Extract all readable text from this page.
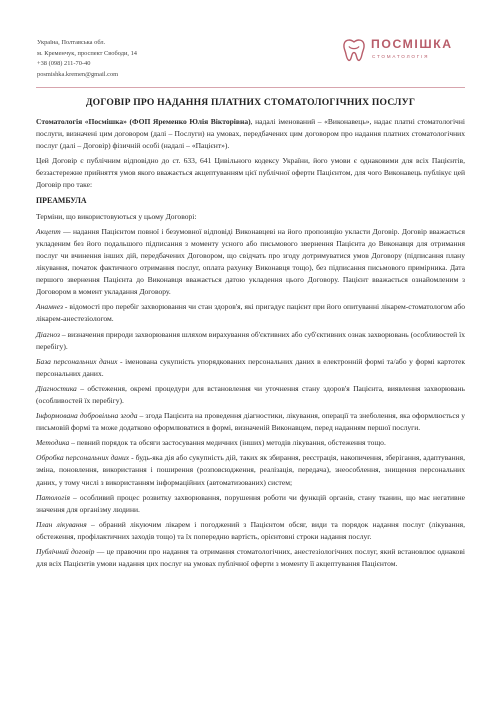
Україна, Полтавська обл.
м. Кременчук, проспект Свободи, 14
+38 (098) 211-70-40
posmishka.kremen@gmail.com
ПОСМІШКА
СТОМАТОЛОГІЯ
ДОГОВІР ПРО НАДАННЯ ПЛАТНИХ СТОМАТОЛОГІЧНИХ ПОСЛУГ

Стоматологія «Посмішка» (ФОП Яременко Юлія Вікторівна), надалі іменований – «Виконавець», надає платні стоматологічні послуги, визначені цим договором (далі – Послуги) на умовах, передбачених цим договором про надання платних стоматологічних послуг (далі – Договір) фізичній особі (надалі – «Пацієнт»).

Цей Договір є публічним відповідно до ст. 633, 641 Цивільного кодексу України, його умови є однаковими для всіх Пацієнтів, беззастережне прийняття умов якого вважається акцептуванням цієї публічної оферти Пацієнтом, для чого Виконавець публікує цей Договір про таке:

ПРЕАМБУЛА

Терміни, що використовуються у цьому Договорі:

Акцепт — надання Пацієнтом повної і безумовної відповіді Виконавцеві на його пропозицію укласти Договір. Договір вважається укладеним без його подальшого підписання з моменту усного або письмового звернення Пацієнта до Виконавця для отримання послуг чи вчинення інших дій, передбачених Договором, що свідчать про згоду дотримуватися умов Договору (підписання плану лікування, початок фактичного отримання послуг, оплата рахунку Виконавця тощо), без підписання письмового примірника. Дата першого звернення Пацієнта до Виконавця вважається датою укладення цього Договору. Пацієнт вважається ознайомленим з Договором в момент укладання Договору.

Анамнез - відомості про перебіг захворювання чи стан здоров'я, які пригадує пацієнт при його опитуванні лікарем-стоматологом або лікарем-анестезіологом.

Діагноз – визначення природи захворювання шляхом вирахування об'єктивних або суб'єктивних ознак захворювань (особливостей їх перебігу).

База персональних даних - іменована сукупність упорядкованих персональних даних в електронній формі та/або у формі картотек персональних даних.

Діагностика – обстеження, окремі процедури для встановлення чи уточнення стану здоров'я Пацієнта, виявлення захворювань (особливостей їх перебігу).

Інформована добровільна згода – згода Пацієнта на проведення діагностики, лікування, операції та знеболення, яка оформлюється у письмовій формі та може додатково оформлюватися в формі, визначеній Виконавцем, перед наданням першої послуги.

Методика – певний порядок та обсяги застосування медичних (інших) методів лікування, обстеження тощо.

Обробка персональних даних - будь-яка дія або сукупність дій, таких як збирання, реєстрація, накопичення, зберігання, адаптування, зміна, поновлення, використання і поширення (розповсюдження, реалізація, передача), знеособлення, знищення персональних даних, у тому числі з використанням інформаційних (автоматизованих) систем;

Патологія – особливий процес розвитку захворювання, порушення роботи чи функцій органів, стану тканин, що має негативне значення для організму людини.

План лікування – обраний лікуючим лікарем і погоджений з Пацієнтом обсяг, види та порядок надання послуг (лікування, обстеження, профілактичних заходів тощо) та їх попередню вартість, орієнтовні строки надання послуг.

Публічний договір — це правочин про надання та отримання стоматологічних, анестезіологічних послуг, який встановлює однакові для всіх Пацієнтів умови надання цих послуг на умовах публічної оферти з моменту її акцептування Пацієнтом.
